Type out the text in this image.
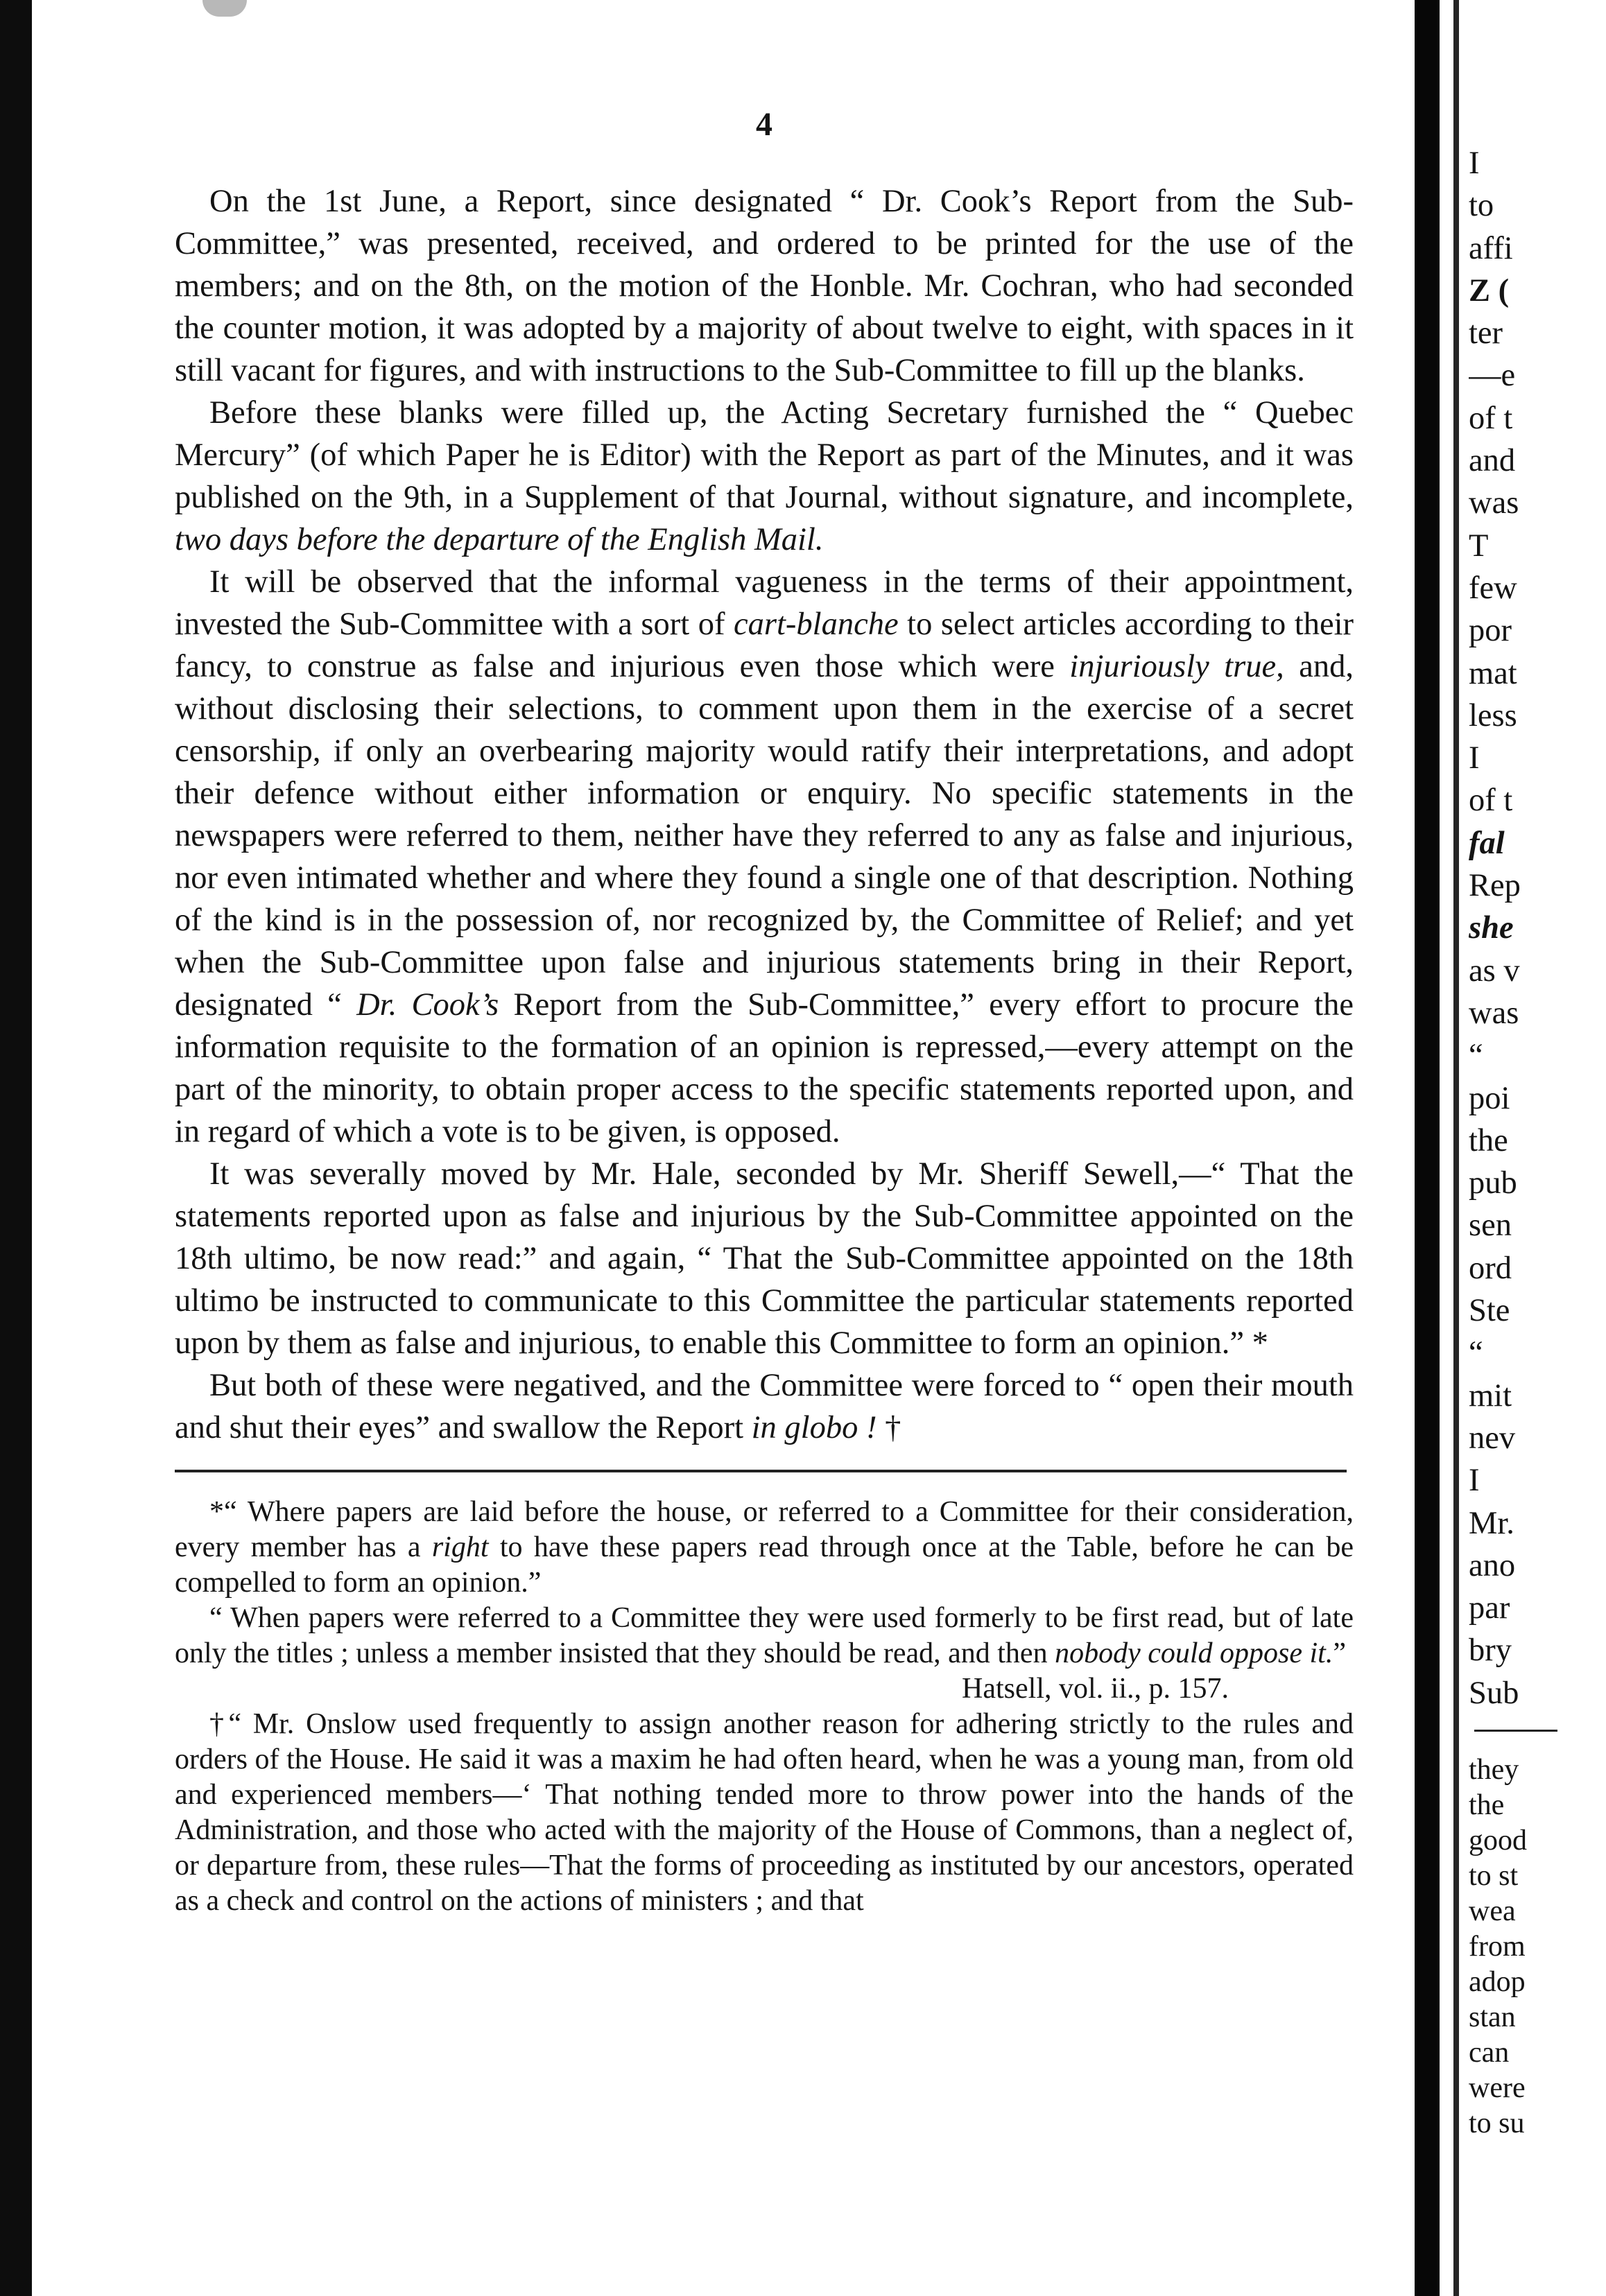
4

On the 1st June, a Report, since designated “ Dr. Cook’s Report from the Sub-Committee,” was presented, received, and ordered to be printed for the use of the members; and on the 8th, on the motion of the Honble. Mr. Cochran, who had seconded the counter motion, it was adopted by a majority of about twelve to eight, with spaces in it still vacant for figures, and with instructions to the Sub-Committee to fill up the blanks.

Before these blanks were filled up, the Acting Secretary furnished the “ Quebec Mercury” (of which Paper he is Editor) with the Report as part of the Minutes, and it was published on the 9th, in a Supplement of that Journal, without signature, and incomplete, two days before the departure of the English Mail.

It will be observed that the informal vagueness in the terms of their appointment, invested the Sub-Committee with a sort of cart-blanche to select articles according to their fancy, to construe as false and injurious even those which were injuriously true, and, without disclosing their selections, to comment upon them in the exercise of a secret censorship, if only an overbearing majority would ratify their interpretations, and adopt their defence without either information or enquiry. No specific statements in the newspapers were referred to them, neither have they referred to any as false and injurious, nor even intimated whether and where they found a single one of that description. Nothing of the kind is in the possession of, nor recognized by, the Committee of Relief; and yet when the Sub-Committee upon false and injurious statements bring in their Report, designated “ Dr. Cook’s Report from the Sub-Committee,” every effort to procure the information requisite to the formation of an opinion is repressed,—every attempt on the part of the minority, to obtain proper access to the specific statements reported upon, and in regard of which a vote is to be given, is opposed.

It was severally moved by Mr. Hale, seconded by Mr. Sheriff Sewell,—“ That the statements reported upon as false and injurious by the Sub-Committee appointed on the 18th ultimo, be now read:” and again, “ That the Sub-Committee appointed on the 18th ultimo be instructed to communicate to this Committee the particular statements reported upon by them as false and injurious, to enable this Committee to form an opinion.” *

But both of these were negatived, and the Committee were forced to “ open their mouth and shut their eyes” and swallow the Report in globo ! †

*“ Where papers are laid before the house, or referred to a Committee for their consideration, every member has a right to have these papers read through once at the Table, before he can be compelled to form an opinion.”

“ When papers were referred to a Committee they were used formerly to be first read, but of late only the titles ; unless a member insisted that they should be read, and then nobody could oppose it.”

Hatsell, vol. ii., p. 157.

†“ Mr. Onslow used frequently to assign another reason for adhering strictly to the rules and orders of the House. He said it was a maxim he had often heard, when he was a young man, from old and experienced members—‘ That nothing tended more to throw power into the hands of the Administration, and those who acted with the majority of the House of Commons, than a neglect of, or departure from, these rules—That the forms of proceeding as instituted by our ancestors, operated as a check and control on the actions of ministers ; and that

I
to
affi
Z (
ter
—e
of t
and
was
T
few
por
mat
less
I
of t
fal
Rep
she
as v
was
“
poi
the
pub
sen
ord
Ste
“
mit
nev
I
Mr.
ano
par
bry
Sub
they
the
good
to st
wea
from
adop
stan
can
were
to su
